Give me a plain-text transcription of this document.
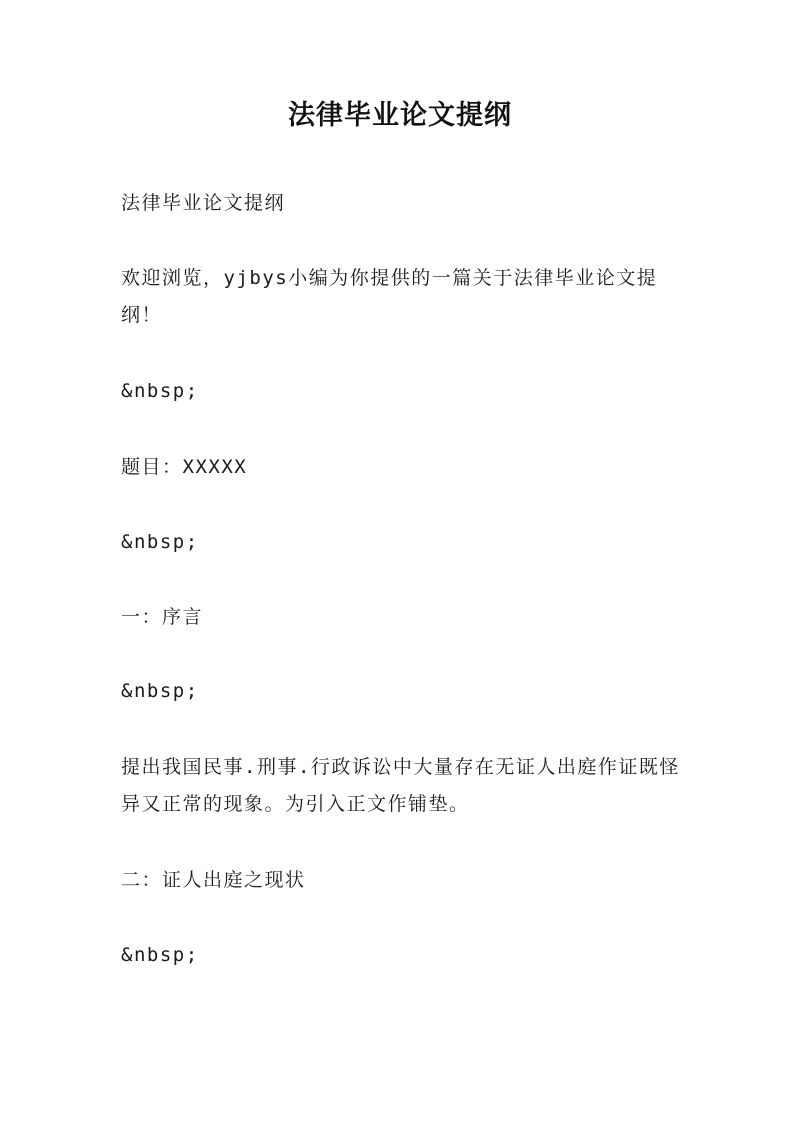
法律毕业论文提纲

法律毕业论文提纲

欢迎浏览，yjbys小编为你提供的一篇关于法律毕业论文提纲！

&nbsp;

题目：XXXXX

&nbsp;

一：序言

&nbsp;

提出我国民事.刑事.行政诉讼中大量存在无证人出庭作证既怪异又正常的现象。为引入正文作铺垫。

二：证人出庭之现状

&nbsp;
